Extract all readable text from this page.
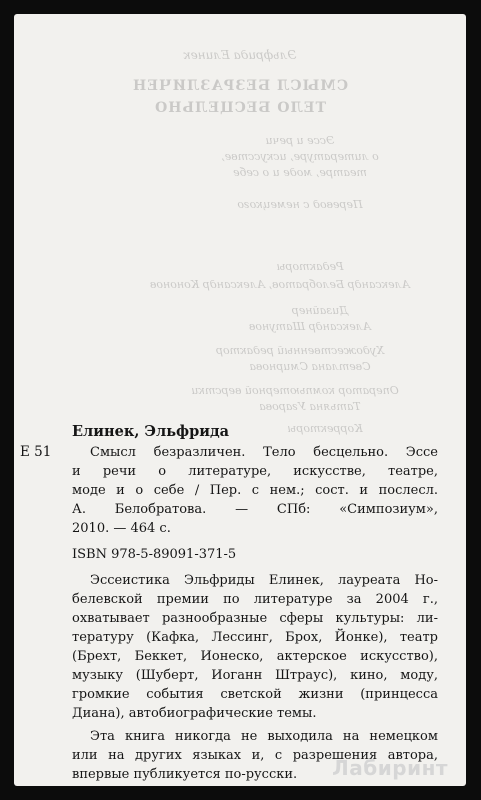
Эльфрида Елинек
СМЫСЛ БЕЗРАЗЛИЧЕН
ТЕЛО БЕСЦЕЛЬНО
Эссе и речи
о литературе, искусстве,
театре, моде и о себе
Перевод с немецкого
Редакторы
Александр Белобратов, Александр Кононов
Дизайнер
Александр Шатунов
Художественный редактор
Светлана Смирнова
Оператор компьютерной верстки
Татьяна Угарова
Корректоры
Елинек, Эльфрида
Е 51	Смысл безразличен. Тело бесцельно. Эссе
и речи о литературе, искусстве, театре,
моде и о себе / Пер. с нем.; сост. и послесл.
А. Белобратова. — СПб: «Симпозиум»,
2010. — 464 с.
ISBN 978-5-89091-371-5
Эссеистика Эльфриды Елинек, лауреата Но-
белевской премии по литературе за 2004 г.,
охватывает разнообразные сферы культуры: ли-
тературу (Кафка, Лессинг, Брох, Йонке), театр
(Брехт, Беккет, Ионеско, актерское искусство),
музыку (Шуберт, Иоганн Штраус), кино, моду,
громкие события светской жизни (принцесса
Диана), автобиографические темы.
Эта книга никогда не выходила на немецком
или на других языках и, с разрешения автора,
впервые публикуется по-русски. Лабиринт
